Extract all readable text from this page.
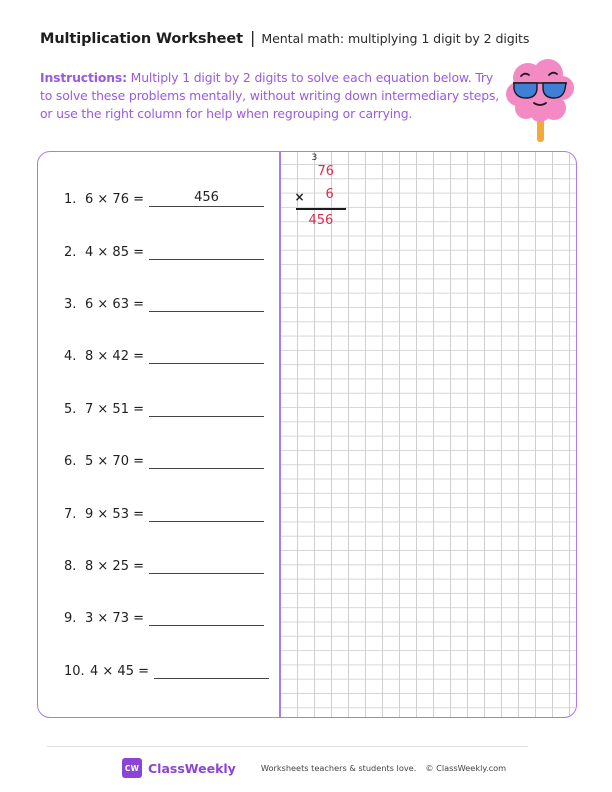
Multiplication Worksheet | Mental math: multiplying 1 digit by 2 digits
Instructions: Multiply 1 digit by 2 digits to solve each equation below. Try to solve these problems mentally, without writing down intermediary steps, or use the right column for help when regrouping or carrying.
1. 6 × 76 =	456
2. 4 × 85 =
3. 6 × 63 =
4. 8 × 42 =
5. 7 × 51 =
6. 5 × 70 =
7. 9 × 53 =
8. 8 × 25 =
9. 3 × 73 =
10. 4 × 45 =
3
76
× 6
456
CW ClassWeekly	Worksheets teachers & students love. © ClassWeekly.com
